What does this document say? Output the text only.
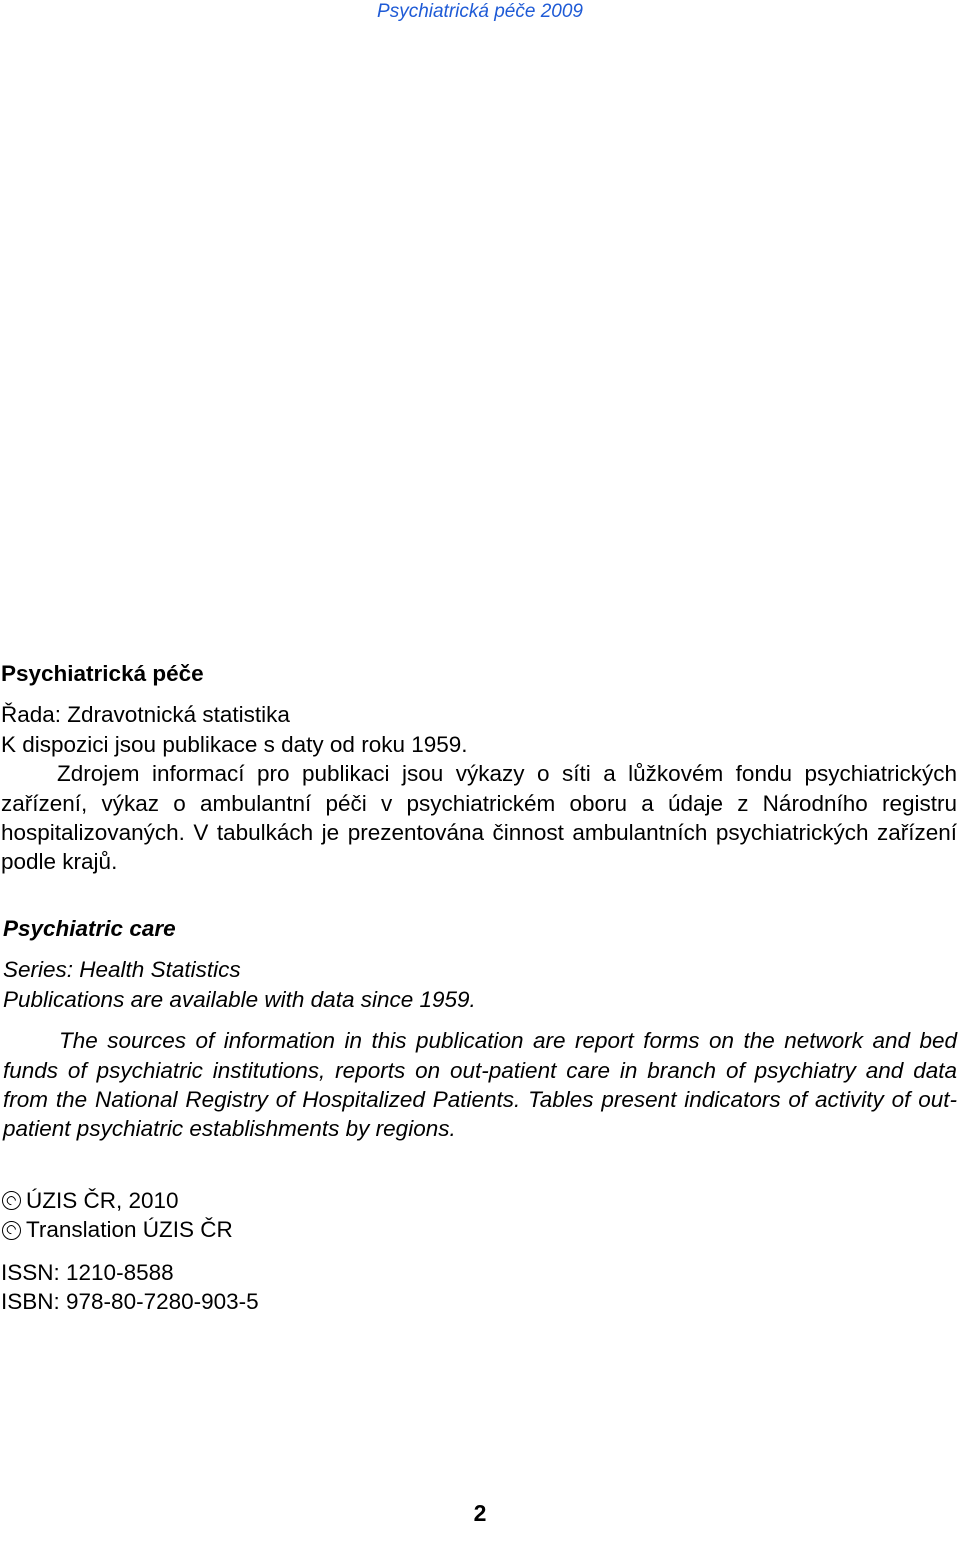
Psychiatrická péče 2009

Psychiatrická péče

Řada: Zdravotnická statistika

K dispozici jsou publikace s daty od roku 1959.

Zdrojem informací pro publikaci jsou výkazy o síti a lůžkovém fondu psychiatrických zařízení, výkaz o ambulantní péči v psychiatrickém oboru a údaje z Národního registru hospitalizovaných. V tabulkách je prezentována činnost ambulantních psychiatrických zařízení podle krajů.

Psychiatric care

Series: Health Statistics

Publications are available with data since 1959.

The sources of information in this publication are report forms on the network and bed funds of psychiatric institutions, reports on out-patient care in branch of psychiatry and data from the National Registry of Hospitalized Patients. Tables present indicators of activity of out-patient psychiatric establishments by regions.

ÚZIS ČR, 2010

Translation ÚZIS ČR

ISSN: 1210-8588

ISBN: 978-80-7280-903-5

2
